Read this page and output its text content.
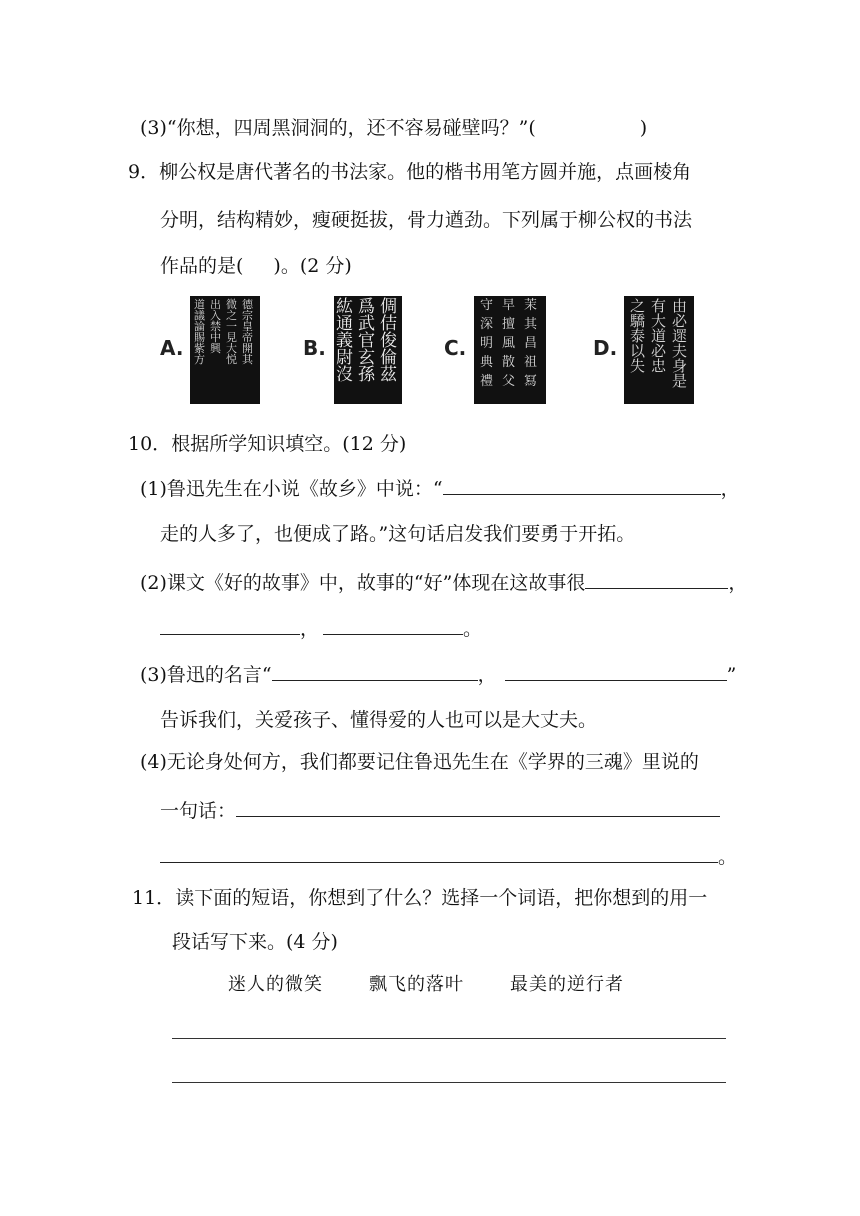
(3)“你想，四周黑洞洞的，还不容易碰壁吗？”(	)
9．柳公权是唐代著名的书法家。他的楷书用笔方圆并施，点画棱角
分明，结构精妙，瘦硬挺拔，骨力遒劲。下列属于柳公权的书法
作品的是( )。(2 分)
A.	B.	C.	D.
德
宗
皇
帝
開
其
微
之
一
見
大
悦
出
入
禁
中
興
道
議
論
賜
紫
方
倜
佶
俊
倫
茲
爲
武
官
玄
孫
紘
通
義
尉
沒
茉
其
昌
祖
冩
早
擅
風
散
父
守
深
明
典
禮
由
必
遝
夫
身
是
有
大
道
必
忠
之
驕
泰
以
失
10．根据所学知识填空。(12 分)
(1)鲁迅先生在小说《故乡》中说：“	，
走的人多了，也便成了路。”这句话启发我们要勇于开拓。
(2)课文《好的故事》中，故事的“好”体现在这故事很	，
，	。
(3)鲁迅的名言“	，	”
告诉我们，关爱孩子、懂得爱的人也可以是大丈夫。
(4)无论身处何方，我们都要记住鲁迅先生在《学界的三魂》里说的
一句话：
。
11．读下面的短语，你想到了什么？选择一个词语，把你想到的用一
段话写下来。(4 分)
迷人的微笑	飘飞的落叶	最美的逆行者
